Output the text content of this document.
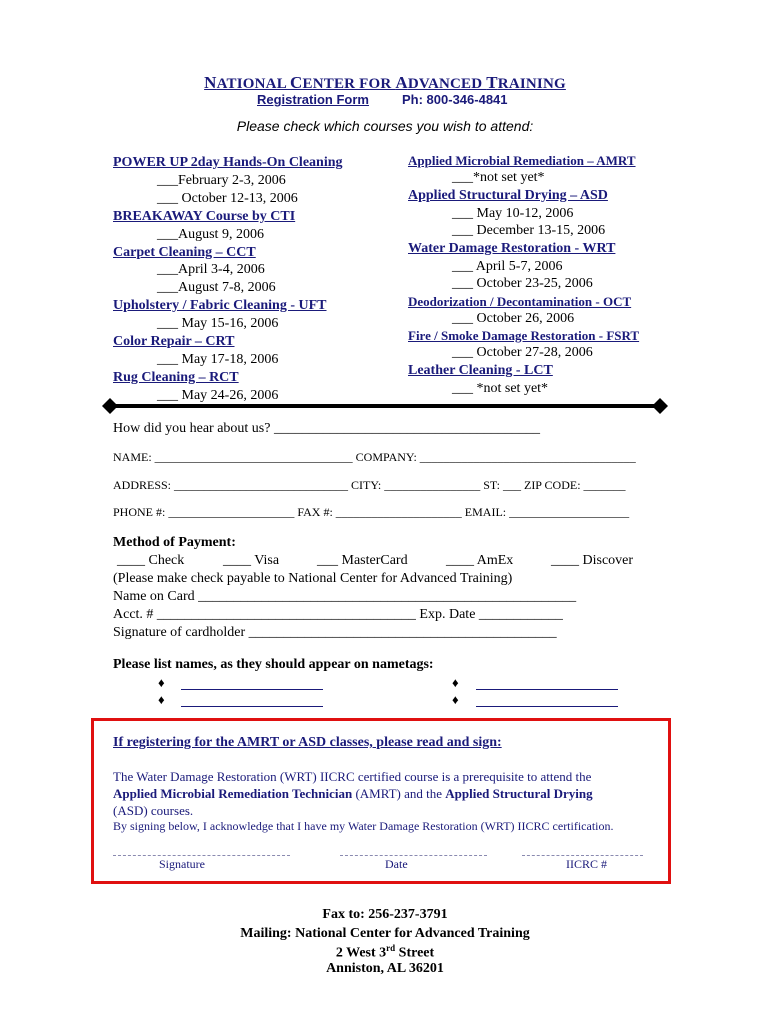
NATIONAL CENTER FOR ADVANCED TRAINING
Registration Form	Ph: 800-346-4841
Please check which courses you wish to attend:
POWER UP 2day Hands-On Cleaning
___February 2-3, 2006
___ October 12-13, 2006
BREAKAWAY Course by CTI
___August 9, 2006
Carpet Cleaning – CCT
___April 3-4, 2006
___August 7-8, 2006
Upholstery / Fabric Cleaning - UFT
___ May 15-16, 2006
Color Repair – CRT
___ May 17-18, 2006
Rug Cleaning – RCT
___ May 24-26, 2006
Applied Microbial Remediation – AMRT
___*not set yet*
Applied Structural Drying – ASD
___ May 10-12, 2006
___ December 13-15, 2006
Water Damage Restoration - WRT
___ April 5-7, 2006
___ October 23-25, 2006
Deodorization / Decontamination - OCT
___ October 26, 2006
Fire / Smoke Damage Restoration - FSRT
___ October 27-28, 2006
Leather Cleaning - LCT
___ *not set yet*
How did you hear about us? ______________________________________
NAME: _________________________________ COMPANY: ____________________________________
ADDRESS: _____________________________ CITY: ________________ ST: ___ ZIP CODE: _______
PHONE #: _____________________ FAX #: _____________________ EMAIL: ____________________
Method of Payment:
____ Check	____ Visa	___ MasterCard	____ AmEx	____ Discover
(Please make check payable to National Center for Advanced Training)
Name on Card ______________________________________________________
Acct. # _____________________________________ Exp. Date ____________
Signature of cardholder ____________________________________________
Please list names, as they should appear on nametags:
♦	♦
♦	♦
If registering for the AMRT or ASD classes, please read and sign:
The Water Damage Restoration (WRT) IICRC certified course is a prerequisite to attend the
Applied Microbial Remediation Technician (AMRT) and the Applied Structural Drying
(ASD) courses.
By signing below, I acknowledge that I have my Water Damage Restoration (WRT) IICRC certification.
Signature	Date	IICRC #
Fax to: 256-237-3791
Mailing: National Center for Advanced Training
2 West 3rd Street
Anniston, AL 36201
